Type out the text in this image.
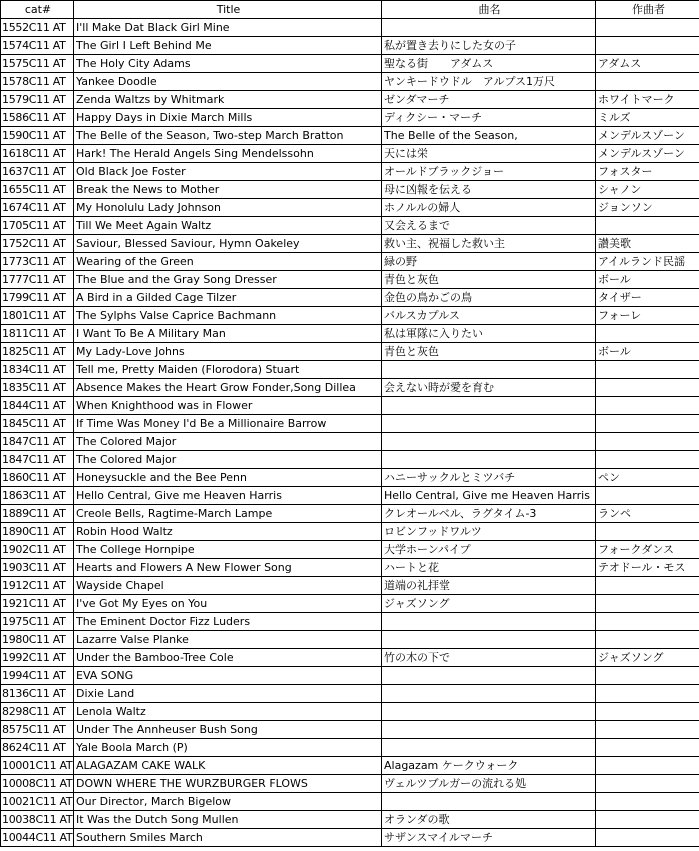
cat#	Title	曲名	作曲者
1552C11 AT	I'll Make Dat Black Girl Mine		
1574C11 AT	The Girl I Left Behind Me	私が置き去りにした女の子	
1575C11 AT	The Holy City Adams	聖なる街　　アダムス	アダムス
1578C11 AT	Yankee Doodle	ヤンキードウドル　アルプス1万尺	
1579C11 AT	Zenda Waltzs by Whitmark	ゼンダマーチ	ホワイトマーク
1586C11 AT	Happy Days in Dixie March Mills	ディクシー・マーチ	ミルズ
1590C11 AT	The Belle of the Season, Two-step March Bratton	The Belle of the Season,	メンデルスゾーン
1618C11 AT	Hark! The Herald Angels Sing Mendelssohn	天には栄	メンデルスゾーン
1637C11 AT	Old Black Joe Foster	オールドブラックジョー	フォスター
1655C11 AT	Break the News to Mother	母に凶報を伝える	シャノン
1674C11 AT	My Honolulu Lady Johnson	ホノルルの婦人	ジョンソン
1705C11 AT	Till We Meet Again Waltz	又会えるまで	
1752C11 AT	Saviour, Blessed Saviour, Hymn Oakeley	救い主、祝福した救い主	讃美歌
1773C11 AT	Wearing of the Green	緑の野	アイルランド民謡
1777C11 AT	The Blue and the Gray Song Dresser	青色と灰色	ボール
1799C11 AT	A Bird in a Gilded Cage Tilzer	金色の鳥かごの鳥	タイザー
1801C11 AT	The Sylphs Valse Caprice Bachmann	バルスカプルス	フォーレ
1811C11 AT	I Want To Be A Military Man	私は軍隊に入りたい	
1825C11 AT	My Lady-Love Johns	青色と灰色	ボール
1834C11 AT	Tell me, Pretty Maiden (Florodora) Stuart		
1835C11 AT	Absence Makes the Heart Grow Fonder,Song Dillea	会えない時が愛を育む	
1844C11 AT	When Knighthood was in Flower		
1845C11 AT	If Time Was Money I'd Be a Millionaire Barrow		
1847C11 AT	The Colored Major		
1847C11 AT	The Colored Major		
1860C11 AT	Honeysuckle and the Bee Penn	ハニーサックルとミツバチ	ペン
1863C11 AT	Hello Central, Give me Heaven Harris	Hello Central, Give me Heaven Harris	
1889C11 AT	Creole Bells, Ragtime-March Lampe	クレオールベル、ラグタイム-3	ランペ
1890C11 AT	Robin Hood Waltz	ロビンフッドワルツ	
1902C11 AT	The College Hornpipe	大学ホーンパイプ	フォークダンス
1903C11 AT	Hearts and Flowers A New Flower Song	ハートと花	テオドール・モス
1912C11 AT	Wayside Chapel	道端の礼拝堂	
1921C11 AT	I've Got My Eyes on You	ジャズソング	
1975C11 AT	The Eminent Doctor Fizz Luders		
1980C11 AT	Lazarre Valse Planke		
1992C11 AT	Under the Bamboo-Tree Cole	竹の木の下で	ジャズソング
1994C11 AT	EVA SONG		
8136C11 AT	Dixie Land		
8298C11 AT	Lenola Waltz		
8575C11 AT	Under The Annheuser Bush Song		
8624C11 AT	Yale Boola March (P)		
10001C11 AT	ALAGAZAM CAKE WALK	Alagazam ケークウォーク	
10008C11 AT	DOWN WHERE THE WURZBURGER FLOWS	ヴェルツブルガーの流れる処	
10021C11 AT	Our Director, March Bigelow		
10038C11 AT	It Was the Dutch Song Mullen	オランダの歌	
10044C11 AT	Southern Smiles March	サザンスマイルマーチ	
